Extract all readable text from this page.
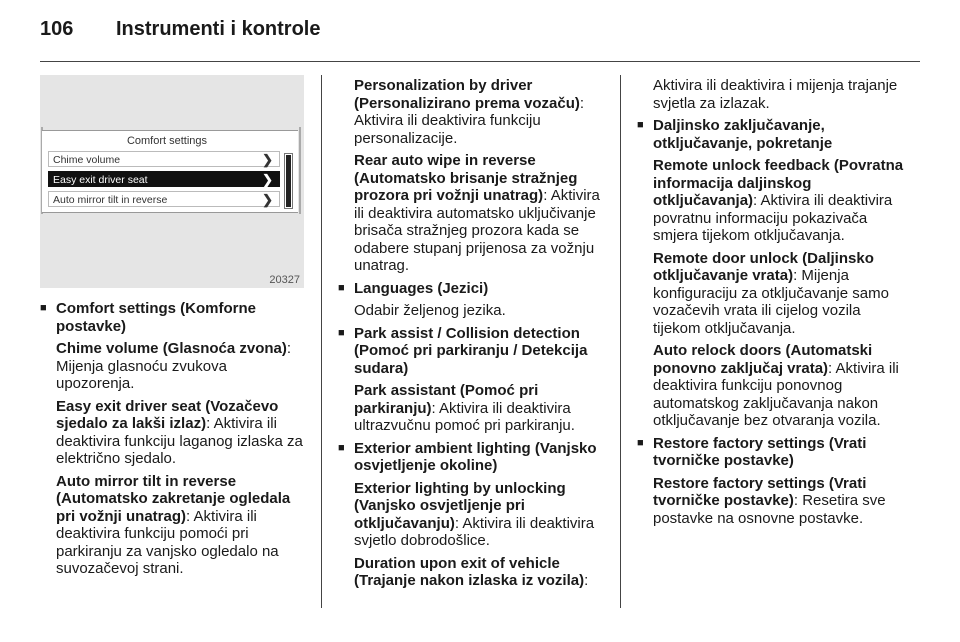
106 Instrumenti i kontrole
Comfort settings
Chime volume	❯
Easy exit driver seat	❯
Auto mirror tilt in reverse	❯
20327
■ Comfort settings (Komforne postavke)

Chime volume (Glasnoća zvona): Mijenja glasnoću zvukova upozorenja.

Easy exit driver seat (Vozačevo sjedalo za lakši izlaz): Aktivira ili deaktivira funkciju laganog izlaska za električno sjedalo.

Auto mirror tilt in reverse (Automatsko zakretanje ogledala pri vožnji unatrag): Aktivira ili deaktivira funkciju pomoći pri parkiranju za vanjsko ogledalo na suvozačevoj strani.

Personalization by driver (Personalizirano prema vozaču): Aktivira ili deaktivira funkciju personalizacije.

Rear auto wipe in reverse (Automatsko brisanje stražnjeg prozora pri vožnji unatrag): Aktivira ili deaktivira automatsko uključivanje brisača stražnjeg prozora kada se odabere stupanj prijenosa za vožnju unatrag.

■ Languages (Jezici)

Odabir željenog jezika.

■ Park assist / Collision detection (Pomoć pri parkiranju / Detekcija sudara)

Park assistant (Pomoć pri parkiranju): Aktivira ili deaktivira ultrazvučnu pomoć pri parkiranju.

■ Exterior ambient lighting (Vanjsko osvjetljenje okoline)

Exterior lighting by unlocking (Vanjsko osvjetljenje pri otključavanju): Aktivira ili deaktivira svjetlo dobrodošlice.

Duration upon exit of vehicle (Trajanje nakon izlaska iz vozila):

Aktivira ili deaktivira i mijenja trajanje svjetla za izlazak.

■ Daljinsko zaključavanje, otključavanje, pokretanje

Remote unlock feedback (Povratna informacija daljinskog otključavanja): Aktivira ili deaktivira povratnu informaciju pokazivača smjera tijekom otključavanja.

Remote door unlock (Daljinsko otključavanje vrata): Mijenja konfiguraciju za otključavanje samo vozačevih vrata ili cijelog vozila tijekom otključavanja.

Auto relock doors (Automatski ponovno zaključaj vrata): Aktivira ili deaktivira funkciju ponovnog automatskog zaključavanja nakon otključavanje bez otvaranja vozila.

■ Restore factory settings (Vrati tvorničke postavke)

Restore factory settings (Vrati tvorničke postavke): Resetira sve postavke na osnovne postavke.
